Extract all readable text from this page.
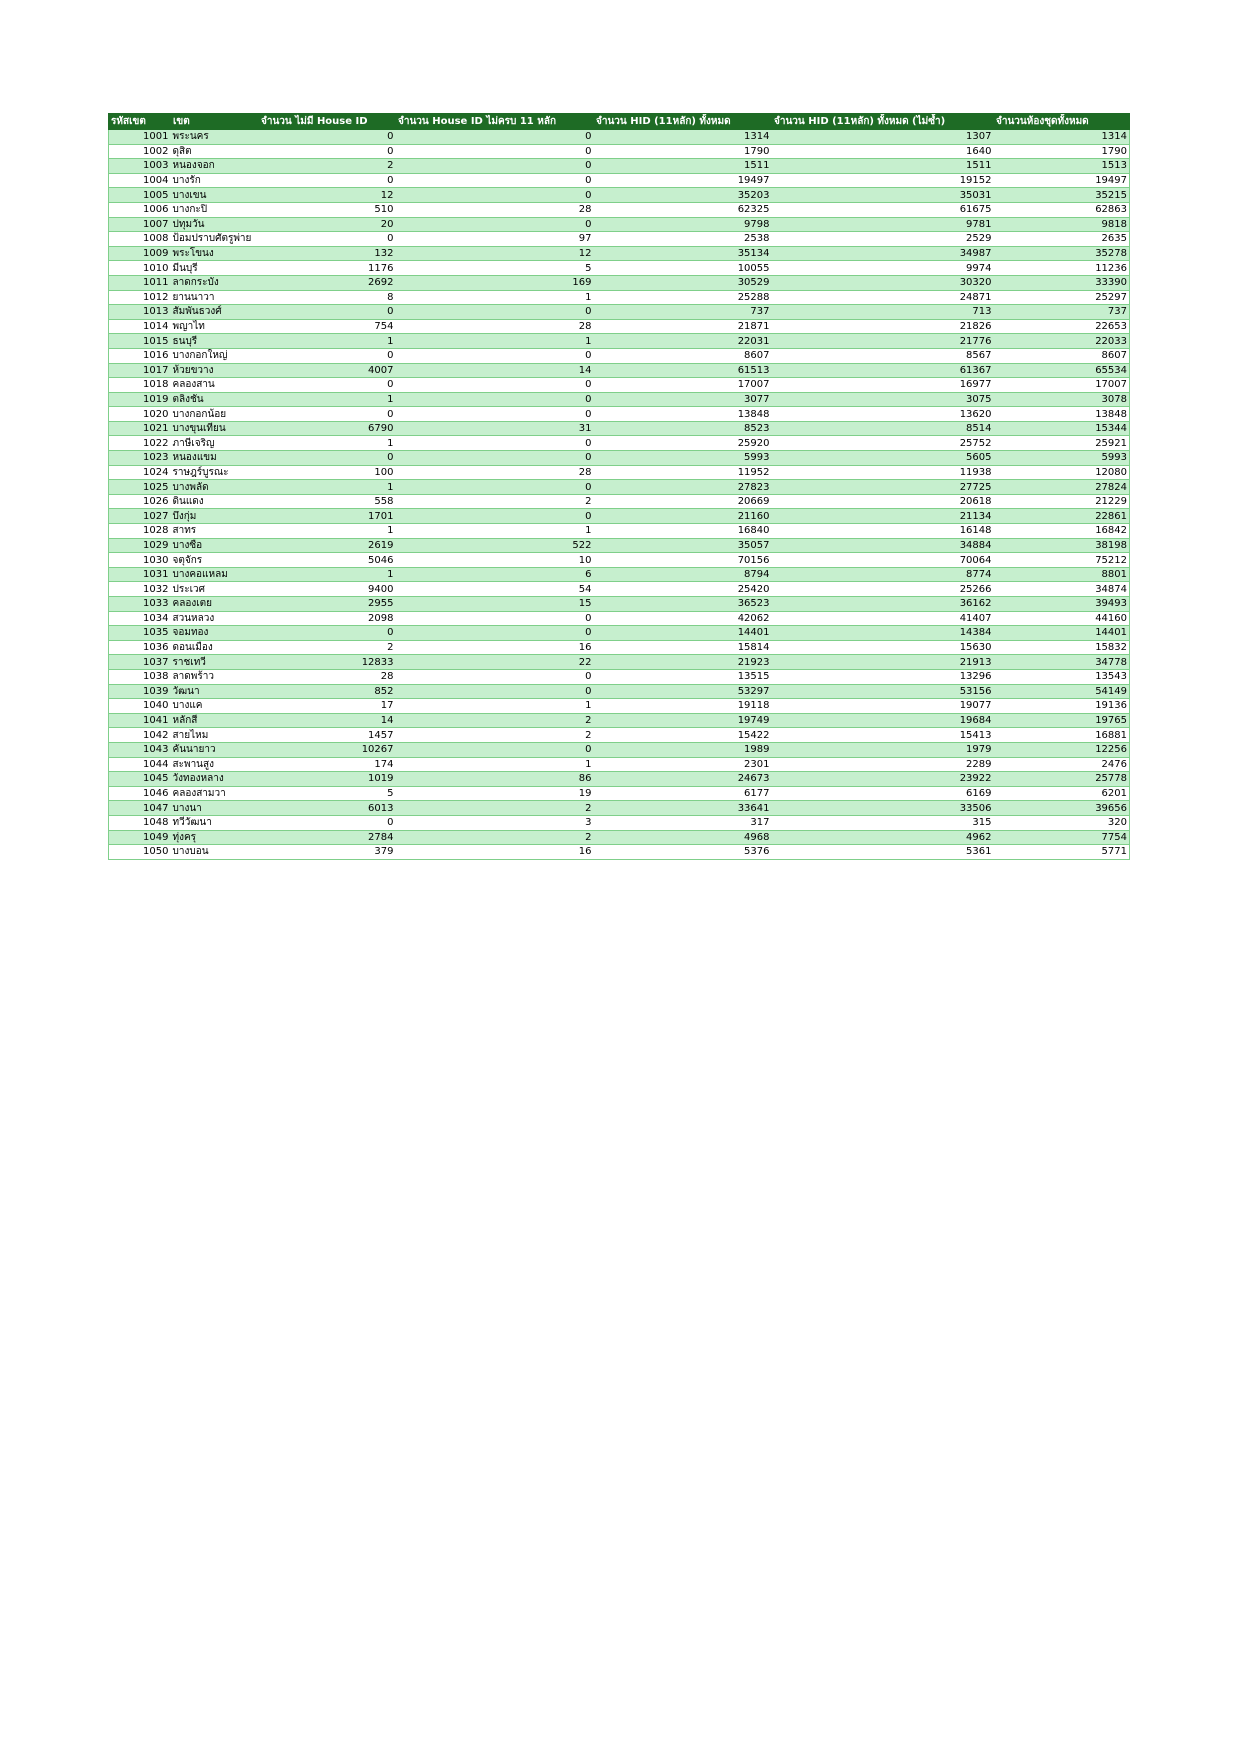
รหัสเขต	เขต	จำนวน ไม่มี House ID	จำนวน House ID ไม่ครบ 11 หลัก	จำนวน HID (11หลัก) ทั้งหมด	จำนวน HID (11หลัก) ทั้งหมด (ไม่ซ้ำ)	จำนวนห้องชุดทั้งหมด
1001	พระนคร	0	0	1314	1307	1314
1002	ดุสิต	0	0	1790	1640	1790
1003	หนองจอก	2	0	1511	1511	1513
1004	บางรัก	0	0	19497	19152	19497
1005	บางเขน	12	0	35203	35031	35215
1006	บางกะปิ	510	28	62325	61675	62863
1007	ปทุมวัน	20	0	9798	9781	9818
1008	ป้อมปราบศัตรูพ่าย	0	97	2538	2529	2635
1009	พระโขนง	132	12	35134	34987	35278
1010	มีนบุรี	1176	5	10055	9974	11236
1011	ลาดกระบัง	2692	169	30529	30320	33390
1012	ยานนาวา	8	1	25288	24871	25297
1013	สัมพันธวงศ์	0	0	737	713	737
1014	พญาไท	754	28	21871	21826	22653
1015	ธนบุรี	1	1	22031	21776	22033
1016	บางกอกใหญ่	0	0	8607	8567	8607
1017	ห้วยขวาง	4007	14	61513	61367	65534
1018	คลองสาน	0	0	17007	16977	17007
1019	ตลิ่งชัน	1	0	3077	3075	3078
1020	บางกอกน้อย	0	0	13848	13620	13848
1021	บางขุนเทียน	6790	31	8523	8514	15344
1022	ภาษีเจริญ	1	0	25920	25752	25921
1023	หนองแขม	0	0	5993	5605	5993
1024	ราษฎร์บูรณะ	100	28	11952	11938	12080
1025	บางพลัด	1	0	27823	27725	27824
1026	ดินแดง	558	2	20669	20618	21229
1027	บึงกุ่ม	1701	0	21160	21134	22861
1028	สาทร	1	1	16840	16148	16842
1029	บางซื่อ	2619	522	35057	34884	38198
1030	จตุจักร	5046	10	70156	70064	75212
1031	บางคอแหลม	1	6	8794	8774	8801
1032	ประเวศ	9400	54	25420	25266	34874
1033	คลองเตย	2955	15	36523	36162	39493
1034	สวนหลวง	2098	0	42062	41407	44160
1035	จอมทอง	0	0	14401	14384	14401
1036	ดอนเมือง	2	16	15814	15630	15832
1037	ราชเทวี	12833	22	21923	21913	34778
1038	ลาดพร้าว	28	0	13515	13296	13543
1039	วัฒนา	852	0	53297	53156	54149
1040	บางแค	17	1	19118	19077	19136
1041	หลักสี่	14	2	19749	19684	19765
1042	สายไหม	1457	2	15422	15413	16881
1043	คันนายาว	10267	0	1989	1979	12256
1044	สะพานสูง	174	1	2301	2289	2476
1045	วังทองหลาง	1019	86	24673	23922	25778
1046	คลองสามวา	5	19	6177	6169	6201
1047	บางนา	6013	2	33641	33506	39656
1048	ทวีวัฒนา	0	3	317	315	320
1049	ทุ่งครุ	2784	2	4968	4962	7754
1050	บางบอน	379	16	5376	5361	5771
